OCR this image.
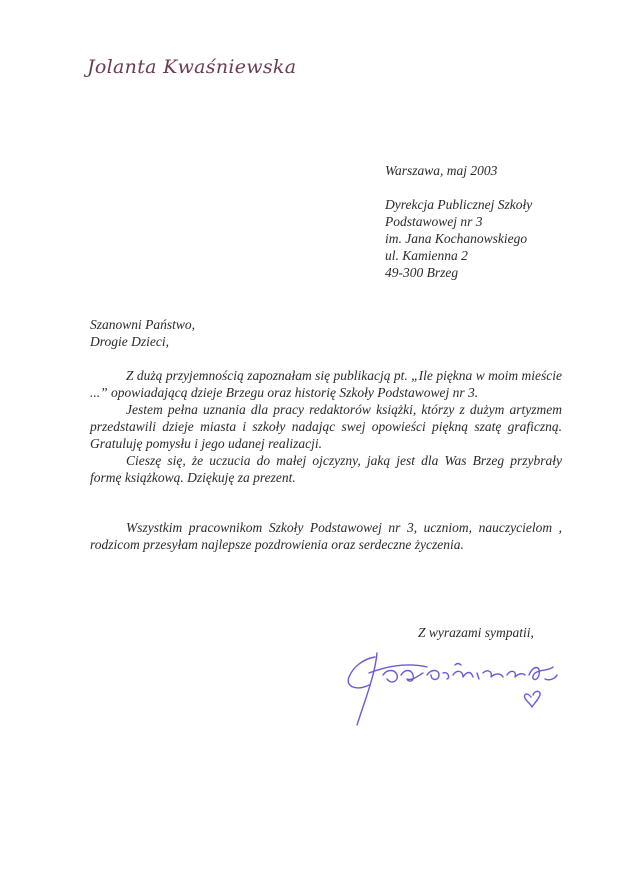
Jolanta Kwaśniewska
Warszawa, maj 2003
Dyrekcja Publicznej Szkoły
Podstawowej nr 3
im. Jana Kochanowskiego
ul. Kamienna 2
49-300 Brzeg
Szanowni Państwo,
Drogie Dzieci,

Z dużą przyjemnością zapoznałam się publikacją pt. „Ile piękna w moim mieście ...” opowiadającą dzieje Brzegu oraz historię Szkoły Podstawowej nr 3.

Jestem pełna uznania dla pracy redaktorów książki, którzy z dużym artyzmem przedstawili dzieje miasta i szkoły nadając swej opowieści piękną szatę graficzną. Gratuluję pomysłu i jego udanej realizacji.

Cieszę się, że uczucia do małej ojczyzny, jaką jest dla Was Brzeg przybrały formę książkową. Dziękuję za prezent.

Wszystkim pracownikom Szkoły Podstawowej nr 3, uczniom, nauczycielom , rodzicom przesyłam najlepsze pozdrowienia oraz serdeczne życzenia.

Z wyrazami sympatii,
